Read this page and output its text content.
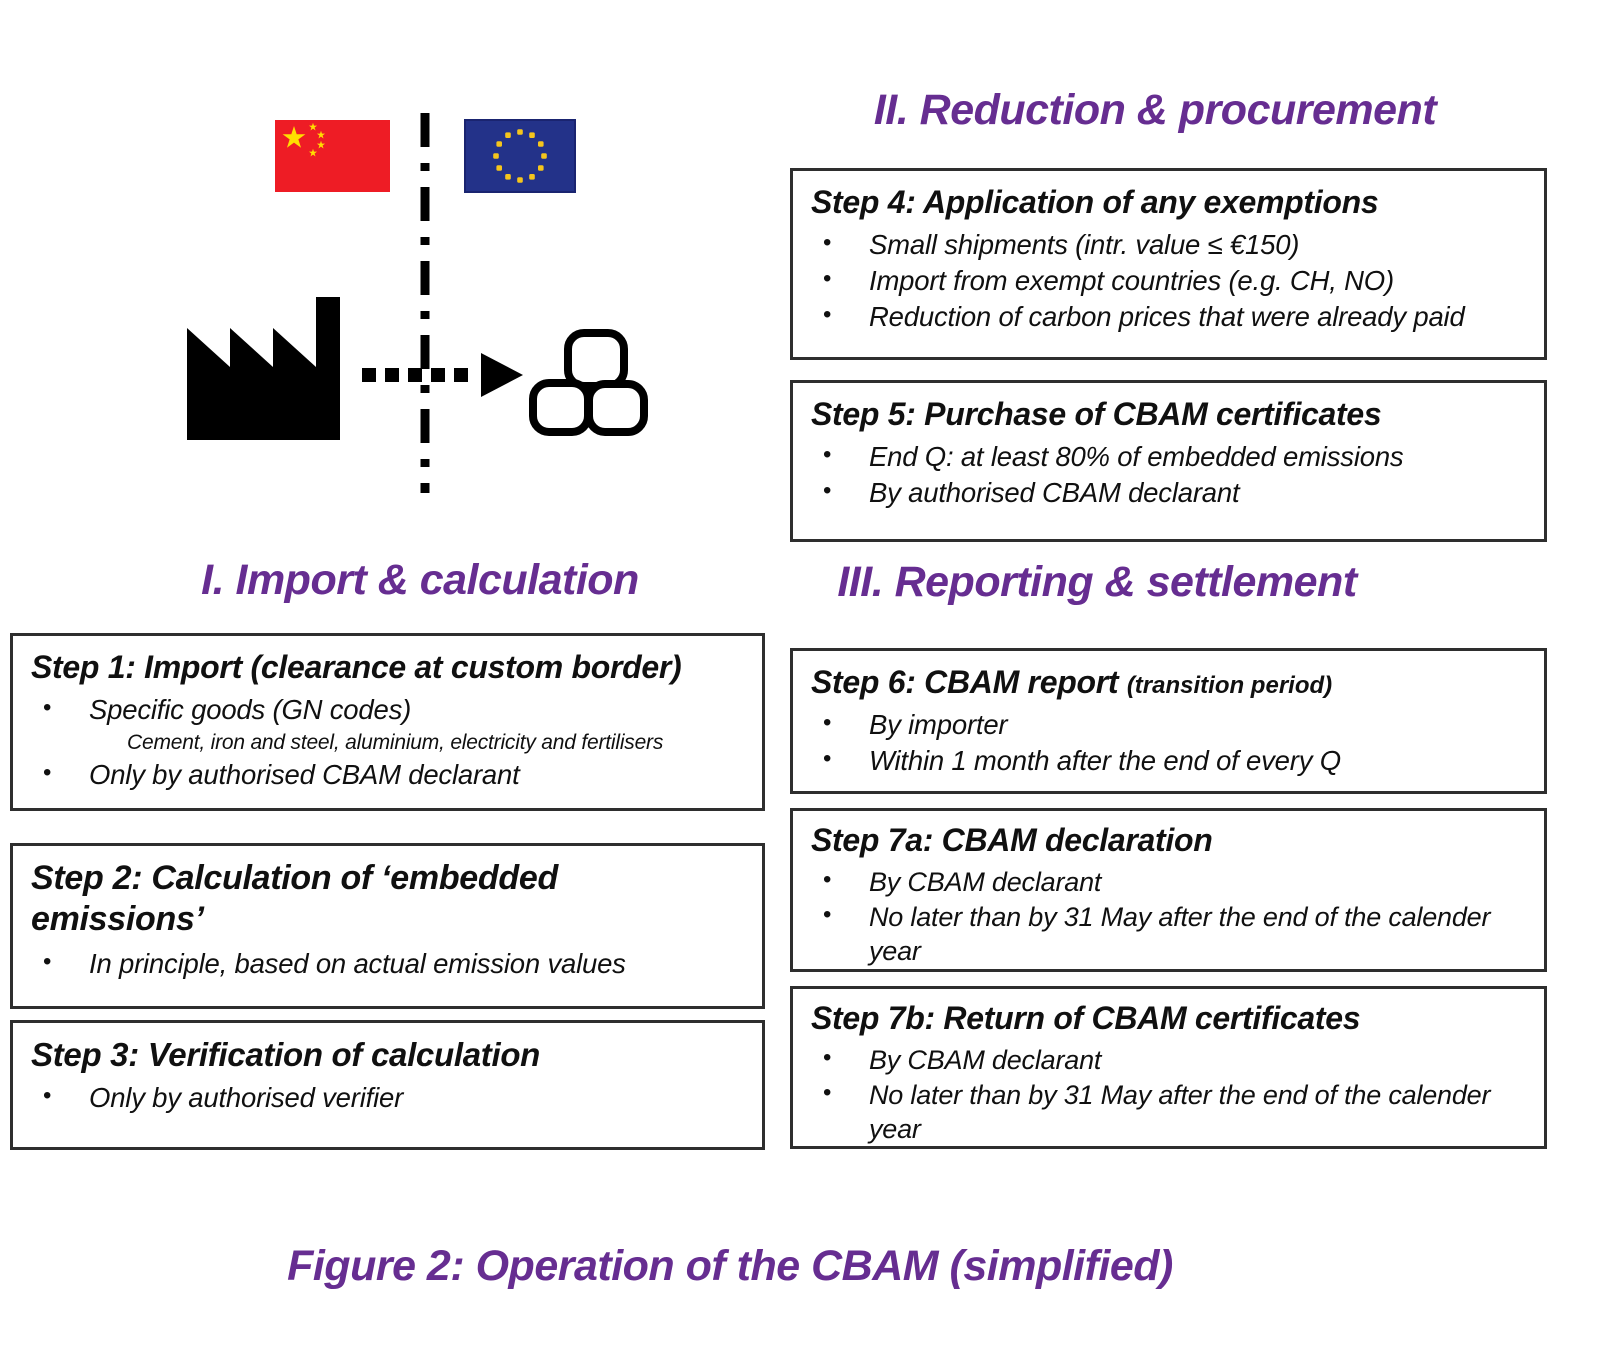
II. Reduction & procurement
I. Import & calculation	III. Reporting & settlement
Step 1: Import (clearance at custom border)
•	Specific goods (GN codes)
Cement, iron and steel, aluminium, electricity and fertilisers
•	Only by authorised CBAM declarant
Step 2: Calculation of ‘embedded emissions’
•	In principle, based on actual emission values
Step 3: Verification of calculation
•	Only by authorised verifier
Step 4: Application of any exemptions
•	Small shipments (intr. value ≤ €150)
•	Import from exempt countries (e.g. CH, NO)
•	Reduction of carbon prices that were already paid
Step 5: Purchase of CBAM certificates
•	End Q: at least 80% of embedded emissions
•	By authorised CBAM declarant
Step 6: CBAM report (transition period)
•	By importer
•	Within 1 month after the end of every Q
Step 7a: CBAM declaration
•	By CBAM declarant
•	No later than by 31 May after the end of the calender year
Step 7b: Return of CBAM certificates
•	By CBAM declarant
•	No later than by 31 May after the end of the calender year
Figure 2: Operation of the CBAM (simplified)
